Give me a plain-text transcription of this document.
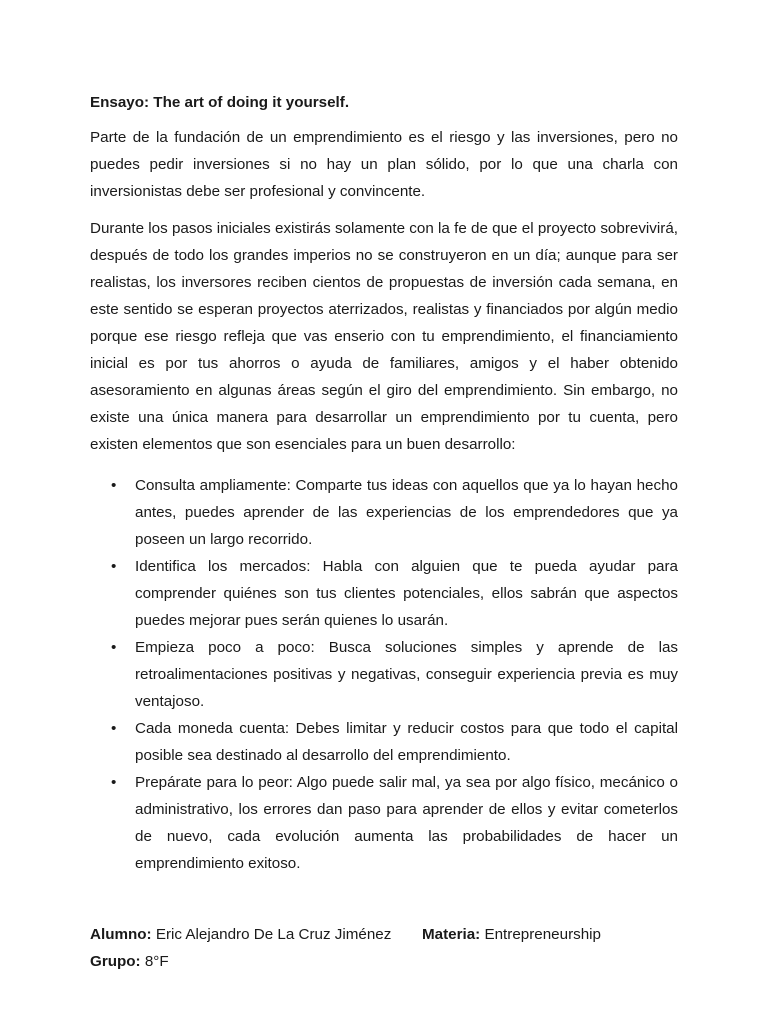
Ensayo: The art of doing it yourself.

Parte de la fundación de un emprendimiento es el riesgo y las inversiones, pero no puedes pedir inversiones si no hay un plan sólido, por lo que una charla con inversionistas debe ser profesional y convincente.

Durante los pasos iniciales existirás solamente con la fe de que el proyecto sobrevivirá, después de todo los grandes imperios no se construyeron en un día; aunque para ser realistas, los inversores reciben cientos de propuestas de inversión cada semana, en este sentido se esperan proyectos aterrizados, realistas y financiados por algún medio porque ese riesgo refleja que vas enserio con tu emprendimiento, el financiamiento inicial es por tus ahorros o ayuda de familiares, amigos y el haber obtenido asesoramiento en algunas áreas según el giro del emprendimiento. Sin embargo, no existe una única manera para desarrollar un emprendimiento por tu cuenta, pero existen elementos que son esenciales para un buen desarrollo:

• Consulta ampliamente: Comparte tus ideas con aquellos que ya lo hayan hecho antes, puedes aprender de las experiencias de los emprendedores que ya poseen un largo recorrido.
• Identifica los mercados: Habla con alguien que te pueda ayudar para comprender quiénes son tus clientes potenciales, ellos sabrán que aspectos puedes mejorar pues serán quienes lo usarán.
• Empieza poco a poco: Busca soluciones simples y aprende de las retroalimentaciones positivas y negativas, conseguir experiencia previa es muy ventajoso.
• Cada moneda cuenta: Debes limitar y reducir costos para que todo el capital posible sea destinado al desarrollo del emprendimiento.
• Prepárate para lo peor: Algo puede salir mal, ya sea por algo físico, mecánico o administrativo, los errores dan paso para aprender de ellos y evitar cometerlos de nuevo, cada evolución aumenta las probabilidades de hacer un emprendimiento exitoso.
Alumno: Eric Alejandro De La Cruz Jiménez	Materia: Entrepreneurship
Grupo: 8°F
